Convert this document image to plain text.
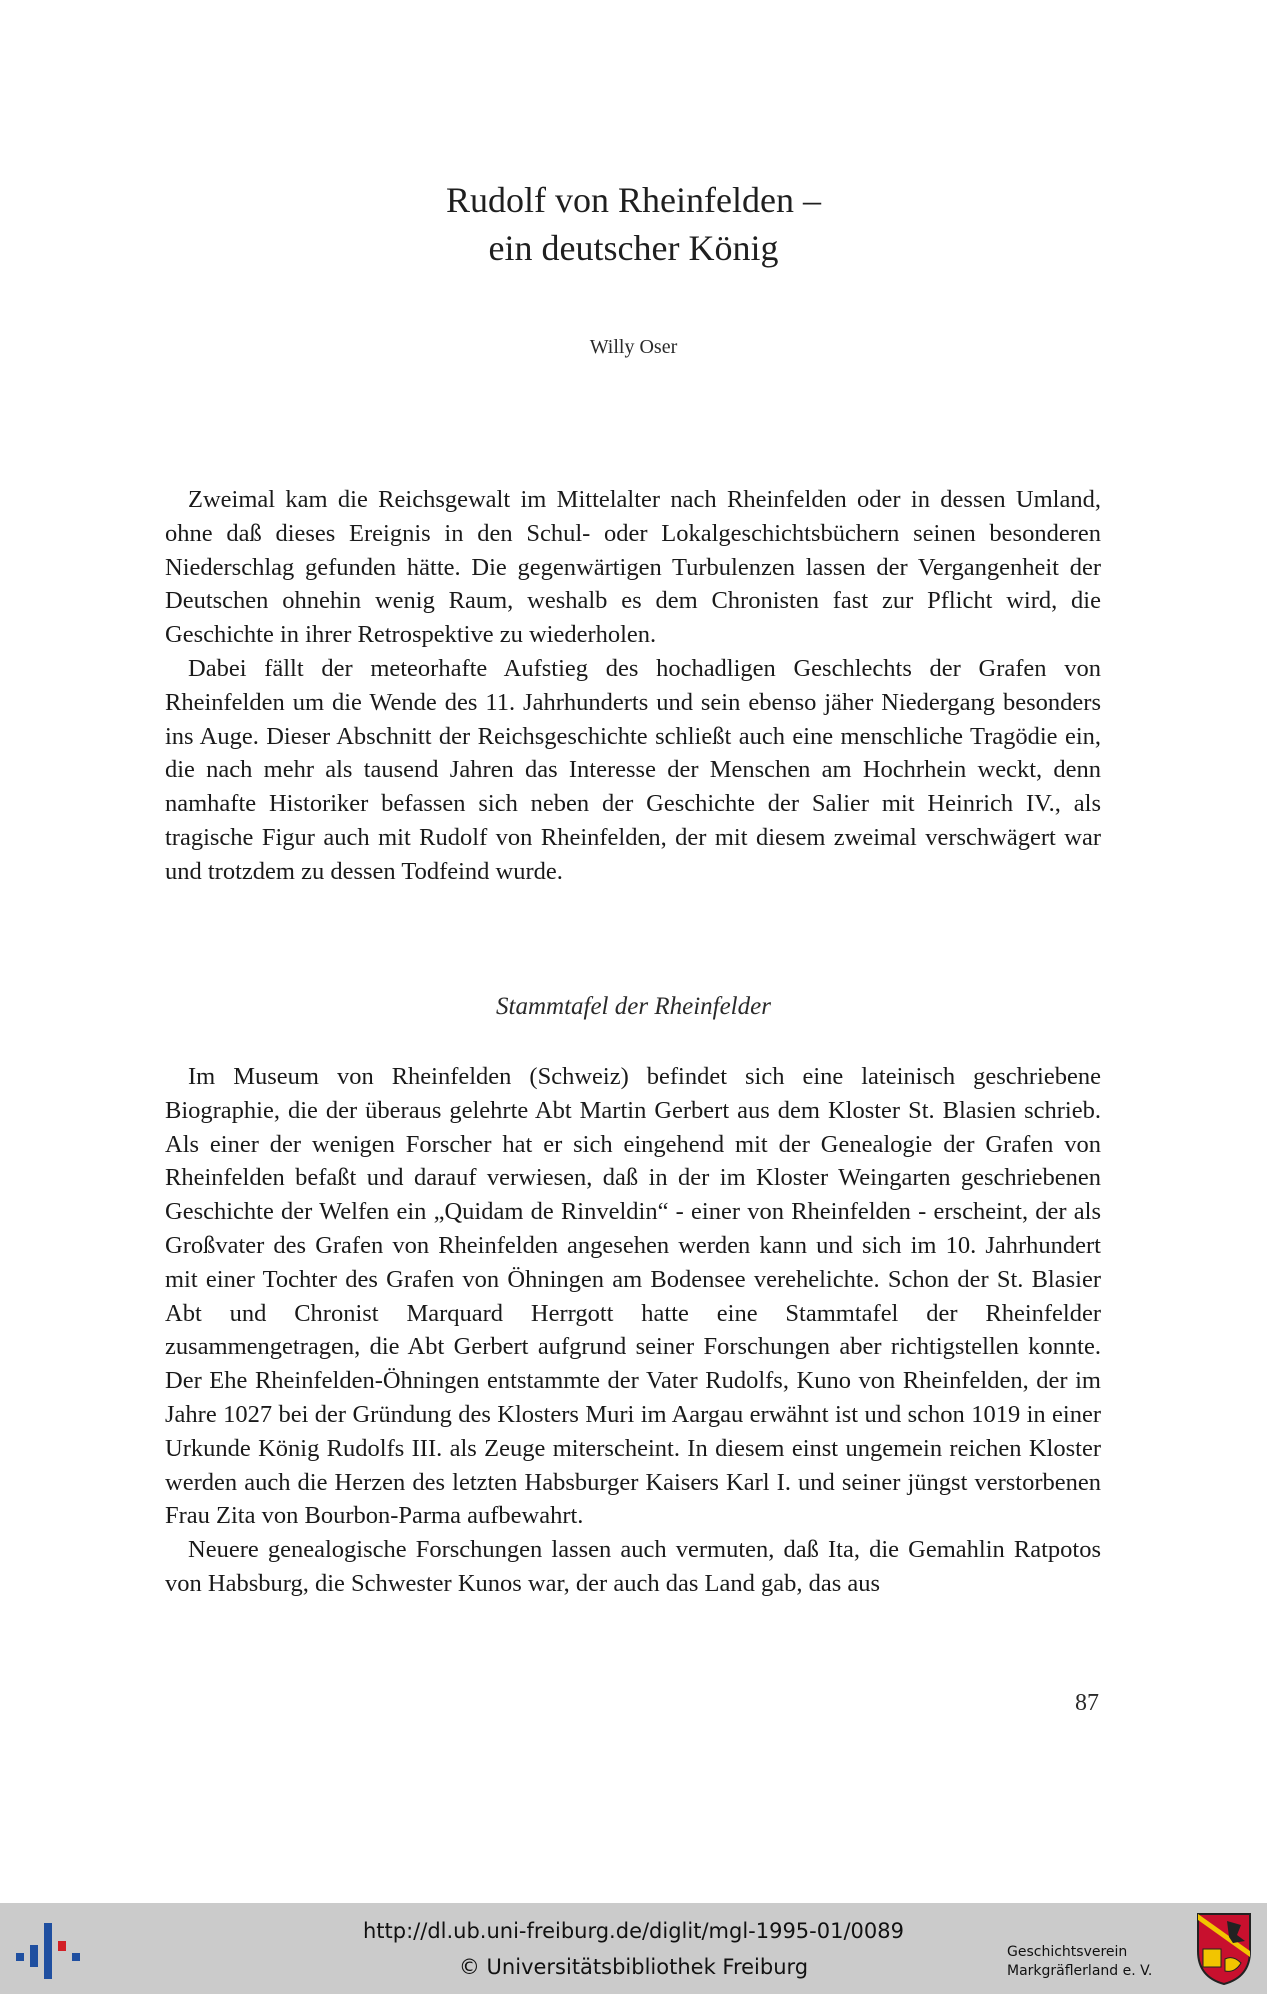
Rudolf von Rheinfelden –
ein deutscher König
Willy Oser

Zweimal kam die Reichsgewalt im Mittelalter nach Rheinfelden oder in dessen Umland, ohne daß dieses Ereignis in den Schul- oder Lokalgeschichtsbüchern seinen besonderen Niederschlag gefunden hätte. Die gegenwärtigen Turbulenzen lassen der Vergangenheit der Deutschen ohnehin wenig Raum, weshalb es dem Chronisten fast zur Pflicht wird, die Geschichte in ihrer Retrospektive zu wiederholen.

Dabei fällt der meteorhafte Aufstieg des hochadligen Geschlechts der Grafen von Rheinfelden um die Wende des 11. Jahrhunderts und sein ebenso jäher Niedergang besonders ins Auge. Dieser Abschnitt der Reichsgeschichte schließt auch eine menschliche Tragödie ein, die nach mehr als tausend Jahren das Interesse der Menschen am Hochrhein weckt, denn namhafte Historiker befassen sich neben der Geschichte der Salier mit Heinrich IV., als tragische Figur auch mit Rudolf von Rheinfelden, der mit diesem zweimal verschwägert war und trotzdem zu dessen Todfeind wurde.

Stammtafel der Rheinfelder

Im Museum von Rheinfelden (Schweiz) befindet sich eine lateinisch geschriebene Biographie, die der überaus gelehrte Abt Martin Gerbert aus dem Kloster St. Blasien schrieb. Als einer der wenigen Forscher hat er sich eingehend mit der Genealogie der Grafen von Rheinfelden befaßt und darauf verwiesen, daß in der im Kloster Weingarten geschriebenen Geschichte der Welfen ein „Quidam de Rinveldin“ - einer von Rheinfelden - erscheint, der als Großvater des Grafen von Rheinfelden angesehen werden kann und sich im 10. Jahrhundert mit einer Tochter des Grafen von Öhningen am Bodensee verehelichte. Schon der St. Blasier Abt und Chronist Marquard Herrgott hatte eine Stammtafel der Rheinfelder zusammengetragen, die Abt Gerbert aufgrund seiner Forschungen aber richtigstellen konnte. Der Ehe Rheinfelden-Öhningen entstammte der Vater Rudolfs, Kuno von Rheinfelden, der im Jahre 1027 bei der Gründung des Klosters Muri im Aargau erwähnt ist und schon 1019 in einer Urkunde König Rudolfs III. als Zeuge miterscheint. In diesem einst ungemein reichen Kloster werden auch die Herzen des letzten Habsburger Kaisers Karl I. und seiner jüngst verstorbenen Frau Zita von Bourbon-Parma aufbewahrt.

Neuere genealogische Forschungen lassen auch vermuten, daß Ita, die Gemahlin Ratpotos von Habsburg, die Schwester Kunos war, der auch das Land gab, das aus

87
http://dl.ub.uni-freiburg.de/diglit/mgl-1995-01/0089
© Universitätsbibliothek Freiburg
Geschichtsverein
Markgräflerland e. V.
